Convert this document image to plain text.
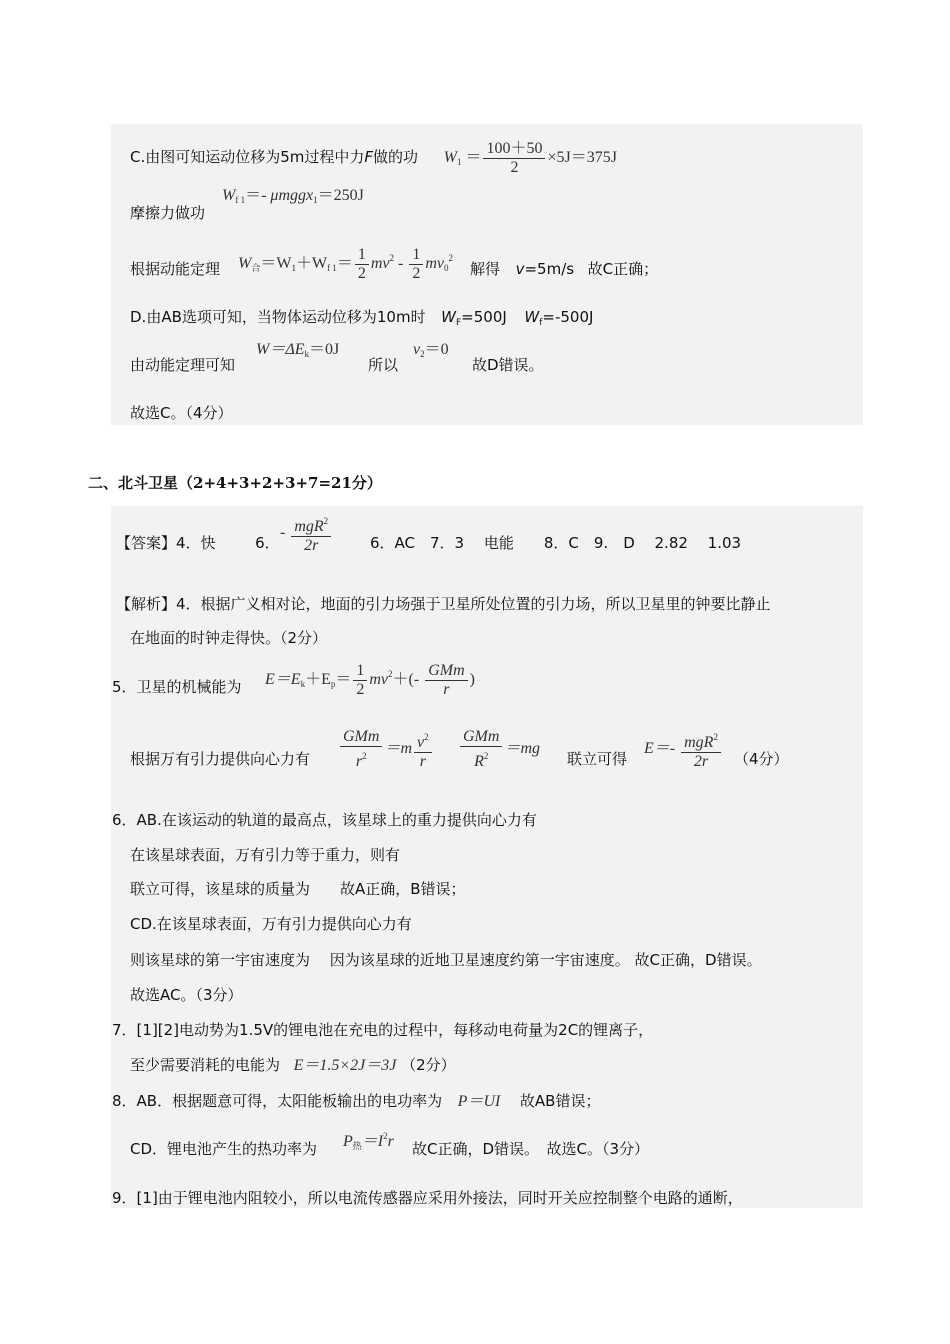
C.由图可知运动位移为5m过程中力F做的功 $W_1 = \frac{100+50}{2} \times 5J=375J$
摩擦力做功
$W_{f 1}=-$ μmggx$_1$＝250J
根据动能定理 $W_合=W_1+W_{f 1}= \frac{1}{2} mv^2 - \frac{1}{2} mv_0^2$
解得 v=5m/s 故C正确；
D.由AB选项可知，当物体运动位移为10m时 $W_F=500J$ $W_f=-500J$
由动能定理可知
$W=\Delta E_k=0J$
所以
$v_2=0$
故D错误。
故选C。（4分）
二、北斗卫星（2+4+3+2+3+7=21分）
【答案】4．快	6．
- $\frac{mgR^2}{2r}$	6．AC　7．3　 电能　　8．C　9.　D　 2.82　 1.03
【解析】4．根据广义相对论，地面的引力场强于卫星所处位置的引力场，所以卫星里的钟要比静止
在地面的时钟走得快。（2分）
5．卫星的机械能为 $E=E_k+E_p= \frac{1}{2} mv^2+(- \frac{\text{GMm}}{r}$ )
根据万有引力提供向心力有 $\frac{\text{GMm}}{r^2} =m \frac{v^2}{r} \frac{\text{GMm}}{R^2} =mg$
联立可得
$E=- \frac{mgR^2}{2r} (4$分）
6．AB.在该运动的轨道的最高点，该星球上的重力提供向心力有
在该星球表面，万有引力等于重力，则有
联立可得，该星球的质量为　　故A正确，B错误；
CD.在该星球表面，万有引力提供向心力有
则该星球的第一宇宙速度为　 因为该星球的近地卫星速度约第一宇宙速度。 故C正确，D错误。
故选AC。（3分）
7．[1][2]电动势为1.5V的锂电池在充电的过程中，每移动电荷量为2C的锂离子，
至少需要消耗的电能为 E＝1.5×2J＝3J （2分）
8．AB．根据题意可得，太阳能板输出的电功率为 P＝UI 故AB错误；
CD．锂电池产生的热功率为 $P_热=I^2r$ 故C正确，D错误。　故选C。（3分）
9．[1]由于锂电池内阻较小，所以电流传感器应采用外接法，同时开关应控制整个电路的通断，
